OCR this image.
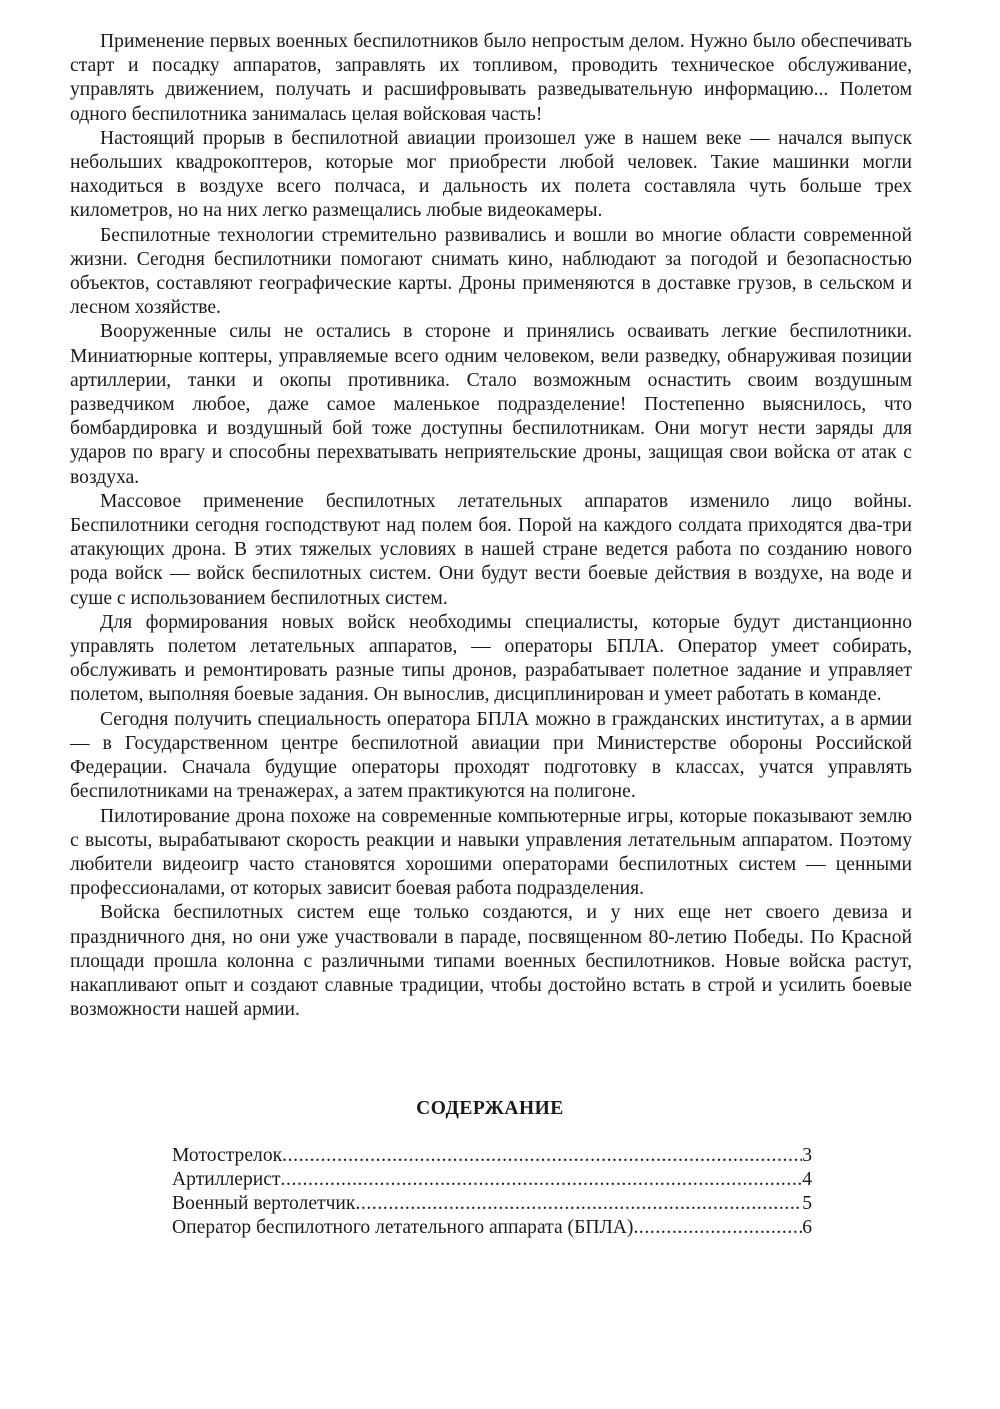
Применение первых военных беспилотников было непростым делом. Нужно было обеспечивать старт и посадку аппаратов, заправлять их топливом, проводить техническое обслуживание, управлять движением, получать и расшифровывать разведывательную информацию... Полетом одного беспилотника занималась целая войсковая часть!

Настоящий прорыв в беспилотной авиации произошел уже в нашем веке — начался выпуск небольших квадрокоптеров, которые мог приобрести любой человек. Такие машинки могли находиться в воздухе всего полчаса, и дальность их полета составляла чуть больше трех километров, но на них легко размещались любые видеокамеры.

Беспилотные технологии стремительно развивались и вошли во многие области современной жизни. Сегодня беспилотники помогают снимать кино, наблюдают за погодой и безопасностью объектов, составляют географические карты. Дроны применяются в доставке грузов, в сельском и лесном хозяйстве.

Вооруженные силы не остались в стороне и принялись осваивать легкие беспилотники. Миниатюрные коптеры, управляемые всего одним человеком, вели разведку, обнаруживая позиции артиллерии, танки и окопы противника. Стало возможным оснастить своим воздушным разведчиком любое, даже самое маленькое подразделение! Постепенно выяснилось, что бомбардировка и воздушный бой тоже доступны беспилотникам. Они могут нести заряды для ударов по врагу и способны перехватывать неприятельские дроны, защищая свои войска от атак с воздуха.

Массовое применение беспилотных летательных аппаратов изменило лицо войны. Беспилотники сегодня господствуют над полем боя. Порой на каждого солдата приходятся два-три атакующих дрона. В этих тяжелых условиях в нашей стране ведется работа по созданию нового рода войск — войск беспилотных систем. Они будут вести боевые действия в воздухе, на воде и суше с использованием беспилотных систем.

Для формирования новых войск необходимы специалисты, которые будут дистанционно управлять полетом летательных аппаратов, — операторы БПЛА. Оператор умеет собирать, обслуживать и ремонтировать разные типы дронов, разрабатывает полетное задание и управляет полетом, выполняя боевые задания. Он вынослив, дисциплинирован и умеет работать в команде.

Сегодня получить специальность оператора БПЛА можно в гражданских институтах, а в армии — в Государственном центре беспилотной авиации при Министерстве обороны Российской Федерации. Сначала будущие операторы проходят подготовку в классах, учатся управлять беспилотниками на тренажерах, а затем практикуются на полигоне.

Пилотирование дрона похоже на современные компьютерные игры, которые показывают землю с высоты, вырабатывают скорость реакции и навыки управления летательным аппаратом. Поэтому любители видеоигр часто становятся хорошими операторами беспилотных систем — ценными профессионалами, от которых зависит боевая работа подразделения.

Войска беспилотных систем еще только создаются, и у них еще нет своего девиза и праздничного дня, но они уже участвовали в параде, посвященном 80-летию Победы. По Красной площади прошла колонна с различными типами военных беспилотников. Новые войска растут, накапливают опыт и создают славные традиции, чтобы достойно встать в строй и усилить боевые возможности нашей армии.

СОДЕРЖАНИЕ
Мотострелок .....	3
Артиллерист .....	4
Военный вертолетчик .....	5
Оператор беспилотного летательного аппарата (БПЛА) .....	6
